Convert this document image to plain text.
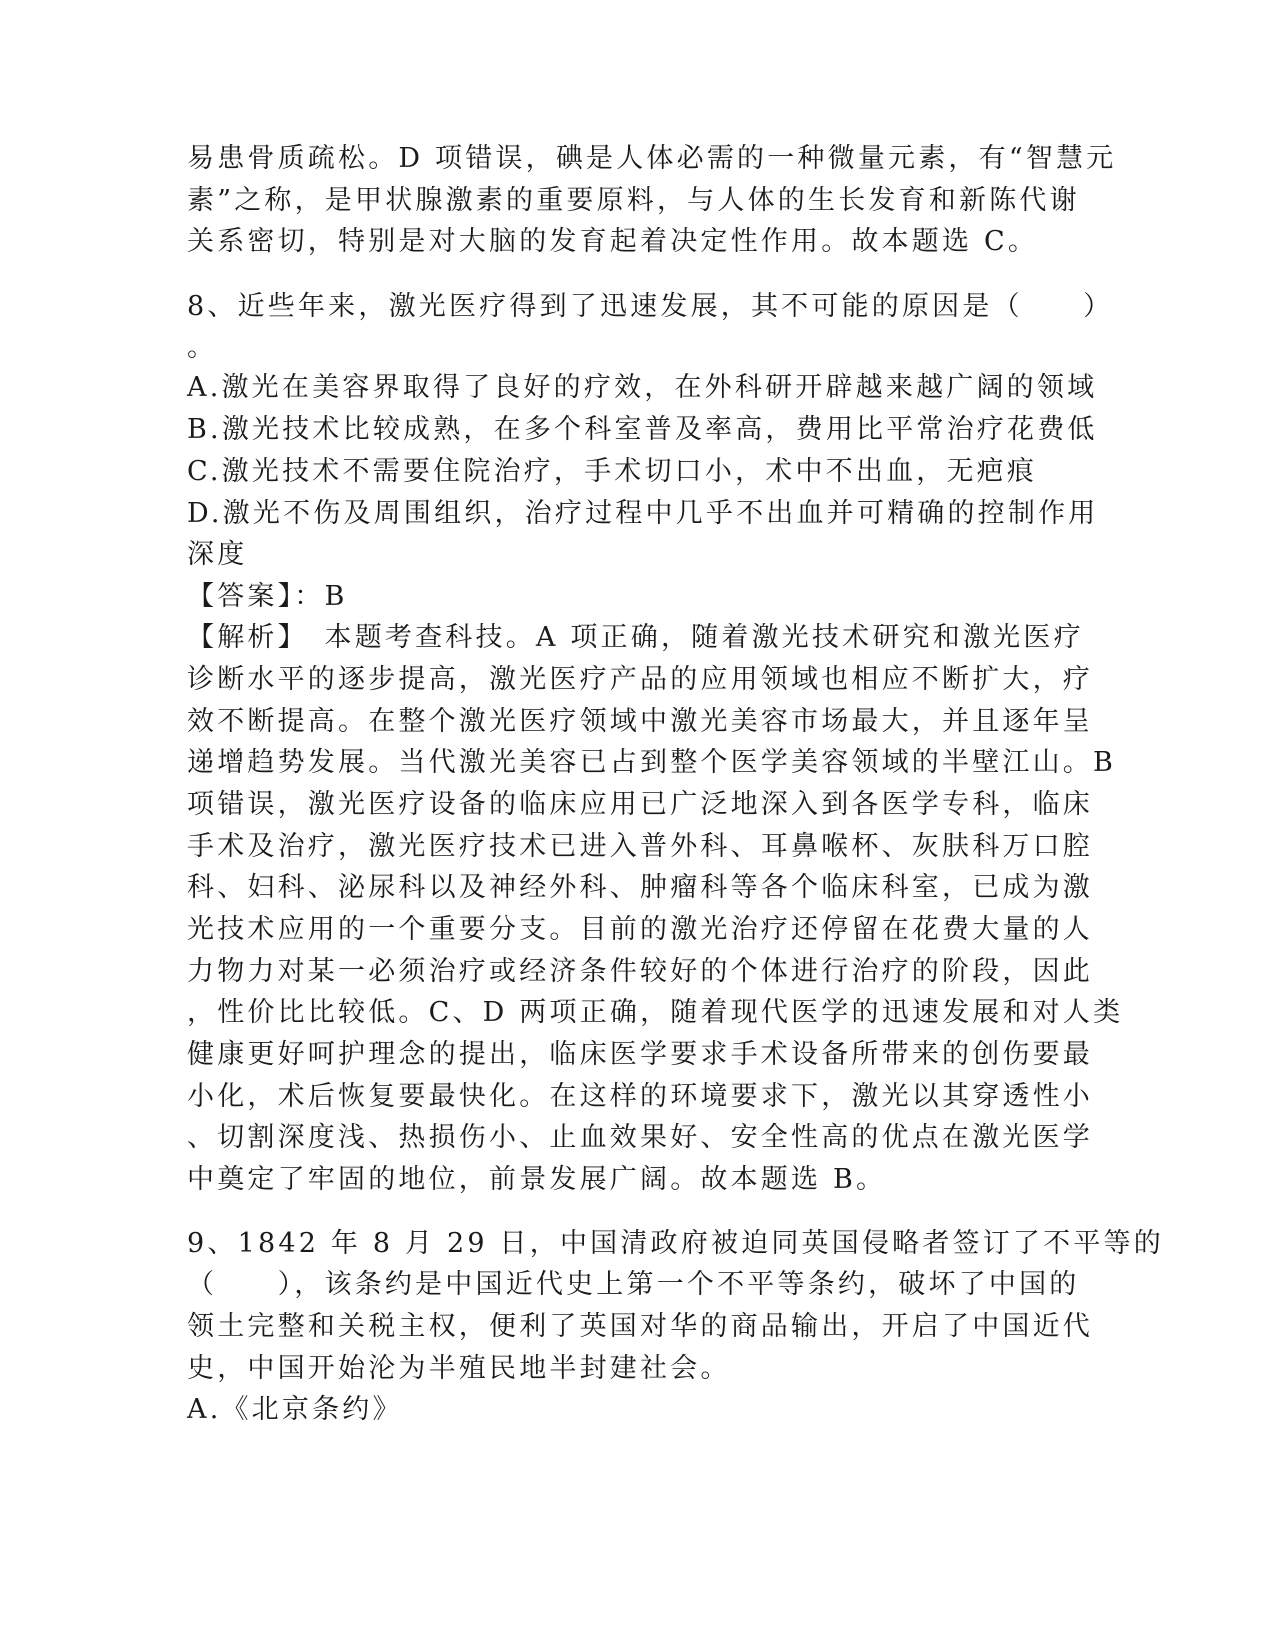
易患骨质疏松。D 项错误，碘是人体必需的一种微量元素，有“智慧元
素”之称，是甲状腺激素的重要原料，与人体的生长发育和新陈代谢
关系密切，特别是对大脑的发育起着决定性作用。故本题选 C。
8、近些年来，激光医疗得到了迅速发展，其不可能的原因是（　　）
。
A.激光在美容界取得了良好的疗效，在外科研开辟越来越广阔的领域
B.激光技术比较成熟，在多个科室普及率高，费用比平常治疗花费低
C.激光技术不需要住院治疗，手术切口小，术中不出血，无疤痕
D.激光不伤及周围组织，治疗过程中几乎不出血并可精确的控制作用
深度
【答案】：B
【解析】　本题考查科技。A 项正确，随着激光技术研究和激光医疗
诊断水平的逐步提高，激光医疗产品的应用领域也相应不断扩大，疗
效不断提高。在整个激光医疗领域中激光美容市场最大，并且逐年呈
递增趋势发展。当代激光美容已占到整个医学美容领域的半壁江山。B
项错误，激光医疗设备的临床应用已广泛地深入到各医学专科，临床
手术及治疗，激光医疗技术已进入普外科、耳鼻喉杯、灰肤科万口腔
科、妇科、泌尿科以及神经外科、肿瘤科等各个临床科室，已成为激
光技术应用的一个重要分支。目前的激光治疗还停留在花费大量的人
力物力对某一必须治疗或经济条件较好的个体进行治疗的阶段，因此
，性价比比较低。C、D 两项正确，随着现代医学的迅速发展和对人类
健康更好呵护理念的提出，临床医学要求手术设备所带来的创伤要最
小化，术后恢复要最快化。在这样的环境要求下，激光以其穿透性小
、切割深度浅、热损伤小、止血效果好、安全性高的优点在激光医学
中奠定了牢固的地位，前景发展广阔。故本题选 B。
9、1842 年 8 月 29 日，中国清政府被迫同英国侵略者签订了不平等的
（　　），该条约是中国近代史上第一个不平等条约，破坏了中国的
领土完整和关税主权，便利了英国对华的商品输出，开启了中国近代
史，中国开始沦为半殖民地半封建社会。
A.《北京条约》
